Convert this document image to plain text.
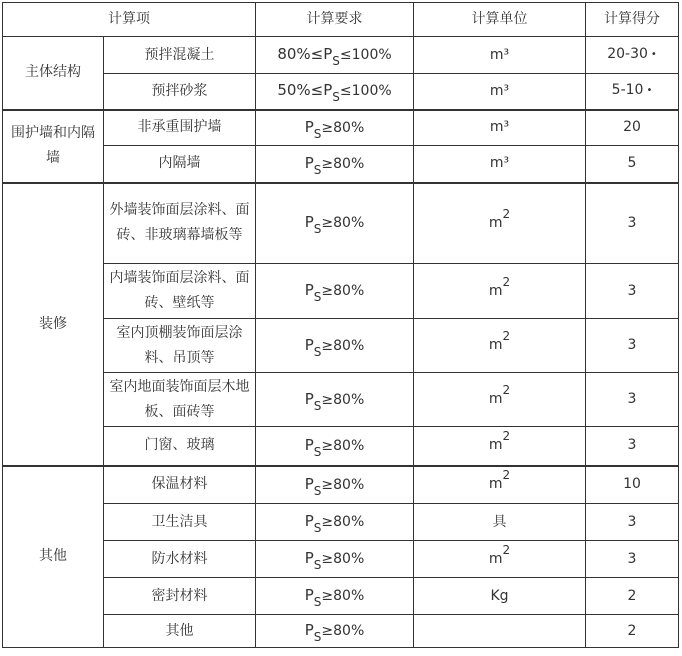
计算项		计算要求	计算单位	计算得分
主体结构	预拌混凝土	80%≤PS≤100%	m³	20-30 •
	预拌砂浆	50%≤PS≤100%	m³	5-10 •
围护墙和内隔墙	非承重围护墙	PS≥80%	m³	20
	内隔墙	PS≥80%	m³	5
装修	外墙装饰面层涂料、面砖、非玻璃幕墙板等	PS≥80%	m2	3
	内墙装饰面层涂料、面砖、壁纸等	PS≥80%	m2	3
	室内顶棚装饰面层涂料、吊顶等	PS≥80%	m2	3
	室内地面装饰面层木地板、面砖等	PS≥80%	m2	3
	门窗、玻璃	PS≥80%	m2	3
其他	保温材料	PS≥80%	m2	10
	卫生洁具	PS≥80%	具	3
	防水材料	PS≥80%	m2	3
	密封材料	PS≥80%	Kg	2
	其他	PS≥80%		2
